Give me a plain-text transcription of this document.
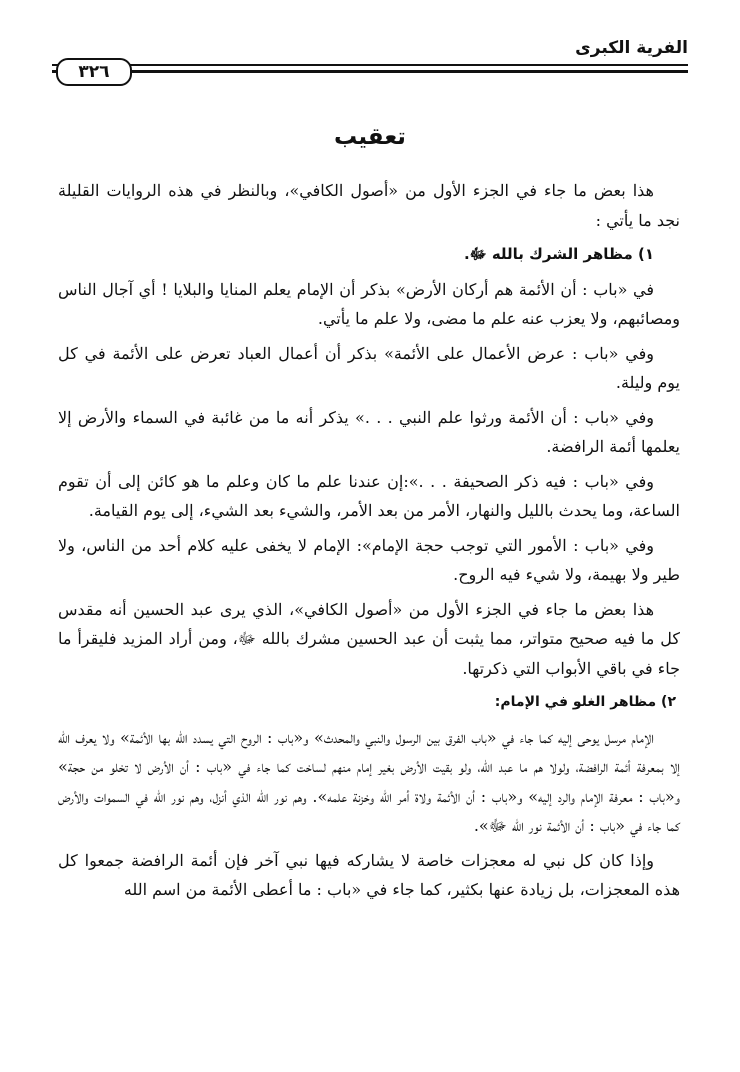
الفرية الكبرى
٣٢٦
تعقيب

هذا بعض ما جاء في الجزء الأول من «أصول الكافي»، وبالنظر في هذه الروايات القليلة نجد ما يأتي :

١) مظاهر الشرك بالله ﷻ.

في «باب : أن الأئمة هم أركان الأرض» بذكر أن الإمام يعلم المنايا والبلايا ! أي آجال الناس ومصائبهم، ولا يعزب عنه علم ما مضى، ولا علم ما يأتي.

وفي «باب : عرض الأعمال على الأئمة» بذكر أن أعمال العباد تعرض على الأئمة في كل يوم وليلة.

وفي «باب : أن الأئمة ورثوا علم النبي . . .» يذكر أنه ما من غائبة في السماء والأرض إلا يعلمها أئمة الرافضة.

وفي «باب : فيه ذكر الصحيفة . . .»:إن عندنا علم ما كان وعلم ما هو كائن إلى أن تقوم الساعة، وما يحدث بالليل والنهار، الأمر من بعد الأمر، والشيء بعد الشيء، إلى يوم القيامة.

وفي «باب : الأمور التي توجب حجة الإمام»: الإمام لا يخفى عليه كلام أحد من الناس، ولا طير ولا بهيمة، ولا شيء فيه الروح.

هذا بعض ما جاء في الجزء الأول من «أصول الكافي»، الذي يرى عبد الحسين أنه مقدس كل ما فيه صحيح متواتر، مما يثبت أن عبد الحسين مشرك بالله ﷻ، ومن أراد المزيد فليقرأ ما جاء في باقي الأبواب التي ذكرتها.

٢) مظاهر الغلو في الإمام:

الإمام مرسل يوحى إليه كما جاء في «باب الفرق بين الرسول والنبي والمحدث» و«باب : الروح التي يسدد الله بها الأئمة» ولا يعرف الله إلا بمعرفة أئمة الرافضة، ولولا هم ما عبد الله، ولو بقيت الأرض بغير إمام منهم لساخت كما جاء في «باب : أن الأرض لا تخلو من حجة» و«باب : معرفة الإمام والرد إليه» و«باب : أن الأئمة ولاة أمر الله وخزنة علمه». وهم نور الله الذي أنزل، وهم نور الله في السموات والأرض كما جاء في «باب : أن الأئمة نور الله ﷻ».

وإذا كان كل نبي له معجزات خاصة لا يشاركه فيها نبي آخر فإن أئمة الرافضة جمعوا كل هذه المعجزات، بل زيادة عنها بكثير، كما جاء في «باب : ما أعطى الأئمة من اسم الله
